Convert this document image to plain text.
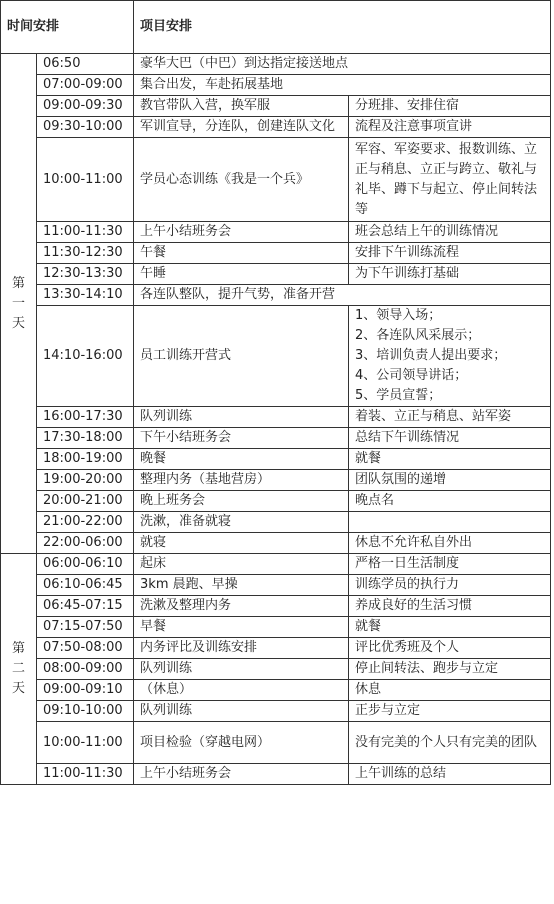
时间安排		项目安排	

第
一
天	06:50	豪华大巴（中巴）到达指定接送地点	
	07:00-09:00	集合出发，车赴拓展基地	
	09:00-09:30	教官带队入营，换军服	分班排、安排住宿
	09:30-10:00	军训宣导，分连队，创建连队文化	流程及注意事项宣讲
	10:00-11:00	学员心态训练《我是一个兵》	军容、军姿要求、报数训练、立正与稍息、立正与跨立、敬礼与礼毕、蹲下与起立、停止间转法等
	11:00-11:30	上午小结班务会	班会总结上午的训练情况
	11:30-12:30	午餐	安排下午训练流程
	12:30-13:30	午睡	为下午训练打基础
	13:30-14:10	各连队整队，提升气势，准备开营	
	14:10-16:00	员工训练开营式	1、领导入场；
2、各连队风采展示；
3、培训负责人提出要求；
4、公司领导讲话；
5、学员宣誓；

	16:00-17:30	队列训练	着装、立正与稍息、站军姿
	17:30-18:00	下午小结班务会	总结下午训练情况
	18:00-19:00	晚餐	就餐
	19:00-20:00	整理内务（基地营房）	团队氛围的递增
	20:00-21:00	晚上班务会	晚点名
	21:00-22:00	洗漱，准备就寝	
	22:00-06:00	就寝	休息不允许私自外出

第
二
天	06:00-06:10	起床	严格一日生活制度
	06:10-06:45	3km 晨跑、早操	训练学员的执行力
	06:45-07:15	洗漱及整理内务	养成良好的生活习惯
	07:15-07:50	早餐	就餐
	07:50-08:00	内务评比及训练安排	评比优秀班及个人
	08:00-09:00	队列训练	停止间转法、跑步与立定
	09:00-09:10	（休息）	休息
	09:10-10:00	队列训练	正步与立定
	10:00-11:00	项目检验（穿越电网）	没有完美的个人只有完美的团队
	11:00-11:30	上午小结班务会	上午训练的总结
